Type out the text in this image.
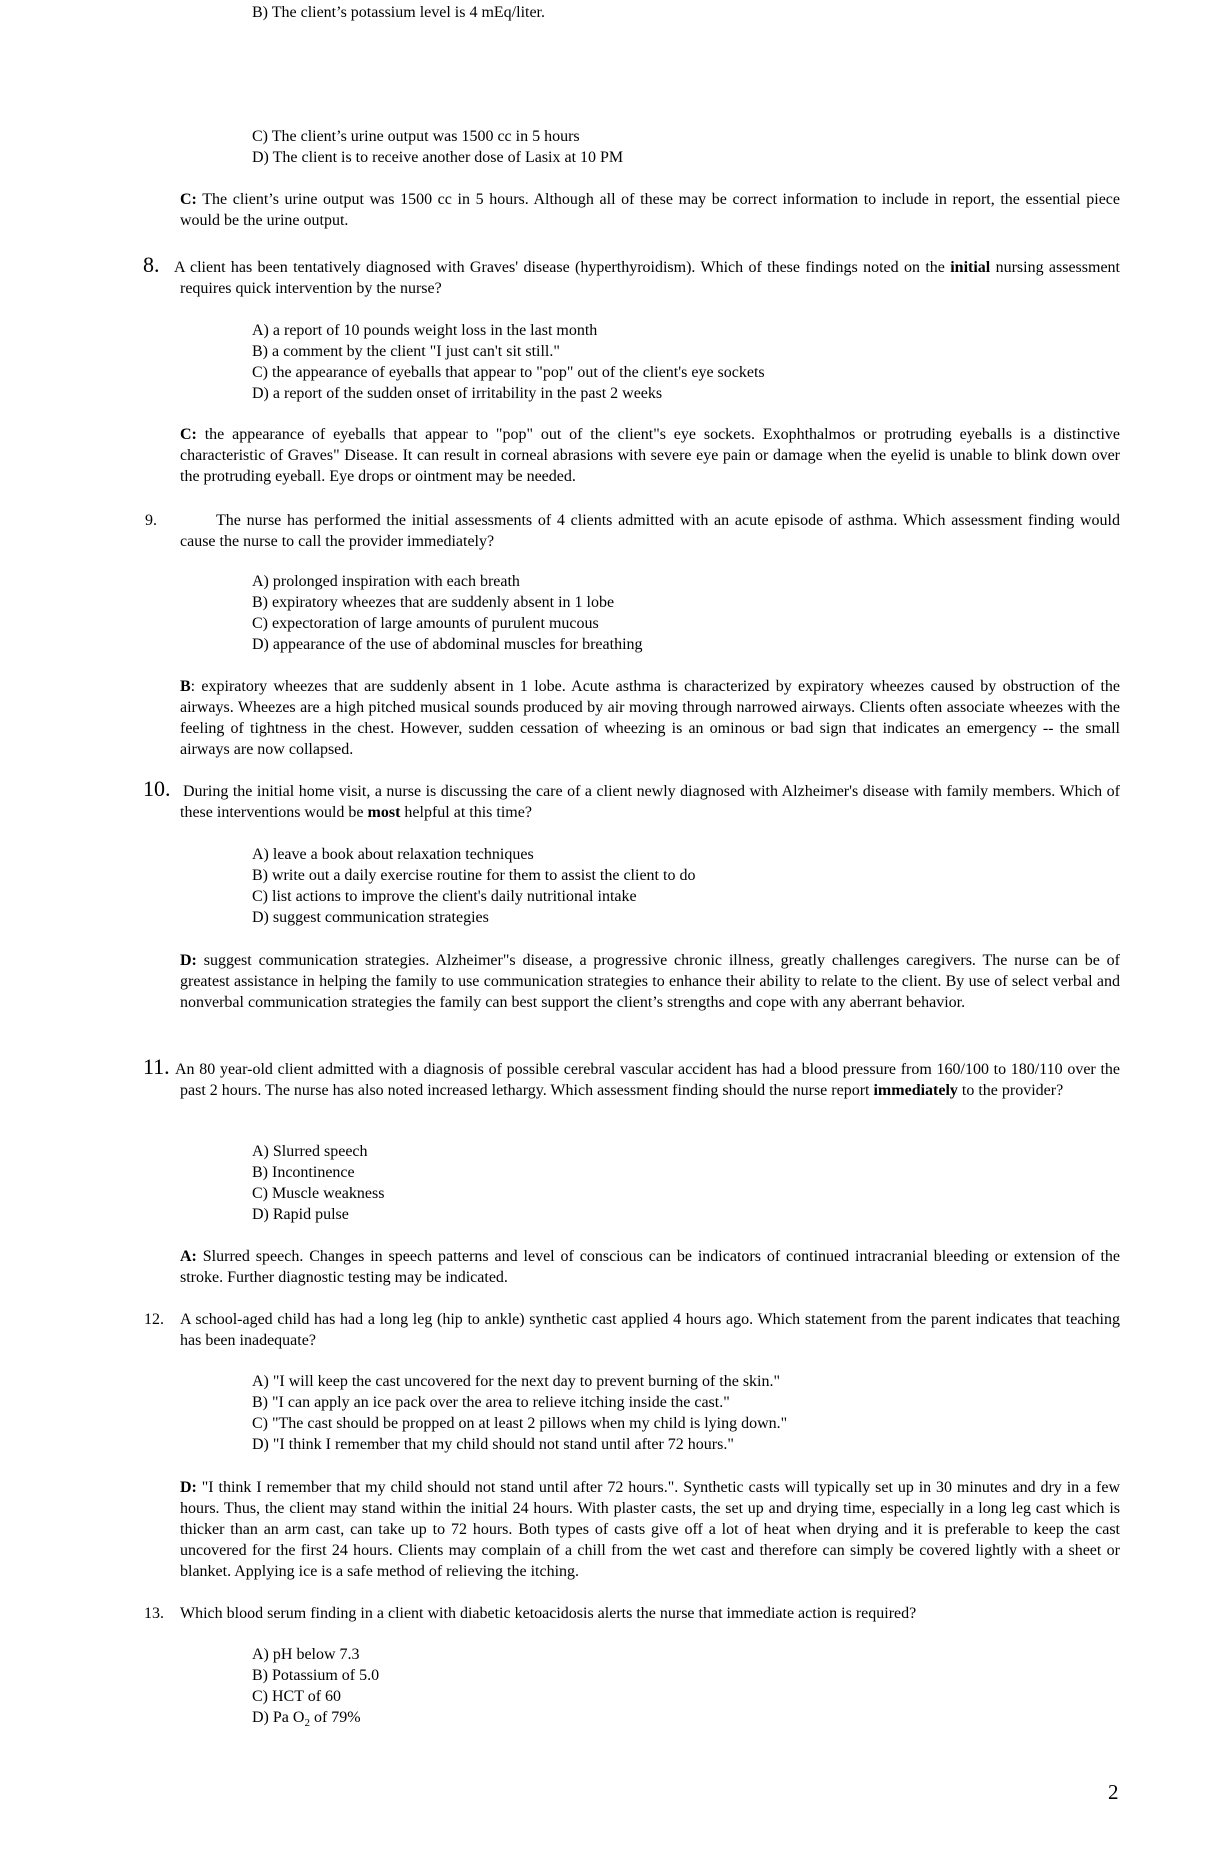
B) The client’s potassium level is 4 mEq/liter.
C) The client’s urine output was 1500 cc in 5 hours
D) The client is to receive another dose of Lasix at 10 PM
C: The client’s urine output was 1500 cc in 5 hours. Although all of these may be correct information to include in report, the essential piece would be the urine output.
8. A client has been tentatively diagnosed with Graves' disease (hyperthyroidism). Which of these findings noted on the initial nursing assessment requires quick intervention by the nurse?
A) a report of 10 pounds weight loss in the last month
B) a comment by the client "I just can't sit still."
C) the appearance of eyeballs that appear to "pop" out of the client's eye sockets
D) a report of the sudden onset of irritability in the past 2 weeks
C: the appearance of eyeballs that appear to "pop" out of the client"s eye sockets. Exophthalmos or protruding eyeballs is a distinctive characteristic of Graves" Disease. It can result in corneal abrasions with severe eye pain or damage when the eyelid is unable to blink down over the protruding eyeball. Eye drops or ointment may be needed.
9.	The nurse has performed the initial assessments of 4 clients admitted with an acute episode of asthma. Which assessment finding would cause the nurse to call the provider immediately?
A) prolonged inspiration with each breath
B) expiratory wheezes that are suddenly absent in 1 lobe
C) expectoration of large amounts of purulent mucous
D) appearance of the use of abdominal muscles for breathing
B: expiratory wheezes that are suddenly absent in 1 lobe. Acute asthma is characterized by expiratory wheezes caused by obstruction of the airways. Wheezes are a high pitched musical sounds produced by air moving through narrowed airways. Clients often associate wheezes with the feeling of tightness in the chest. However, sudden cessation of wheezing is an ominous or bad sign that indicates an emergency -- the small airways are now collapsed.
10. During the initial home visit, a nurse is discussing the care of a client newly diagnosed with Alzheimer's disease with family members. Which of these interventions would be most helpful at this time?
A) leave a book about relaxation techniques
B) write out a daily exercise routine for them to assist the client to do
C) list actions to improve the client's daily nutritional intake
D) suggest communication strategies
D: suggest communication strategies. Alzheimer"s disease, a progressive chronic illness, greatly challenges caregivers. The nurse can be of greatest assistance in helping the family to use communication strategies to enhance their ability to relate to the client. By use of select verbal and nonverbal communication strategies the family can best support the client’s strengths and cope with any aberrant behavior.
11. An 80 year-old client admitted with a diagnosis of possible cerebral vascular accident has had a blood pressure from 160/100 to 180/110 over the past 2 hours. The nurse has also noted increased lethargy. Which assessment finding should the nurse report immediately to the provider?
A) Slurred speech
B) Incontinence
C) Muscle weakness
D) Rapid pulse
A: Slurred speech. Changes in speech patterns and level of conscious can be indicators of continued intracranial bleeding or extension of the stroke. Further diagnostic testing may be indicated.
12. A school-aged child has had a long leg (hip to ankle) synthetic cast applied 4 hours ago. Which statement from the parent indicates that teaching has been inadequate?
A) "I will keep the cast uncovered for the next day to prevent burning of the skin."
B) "I can apply an ice pack over the area to relieve itching inside the cast."
C) "The cast should be propped on at least 2 pillows when my child is lying down."
D) "I think I remember that my child should not stand until after 72 hours."
D: "I think I remember that my child should not stand until after 72 hours.". Synthetic casts will typically set up in 30 minutes and dry in a few hours. Thus, the client may stand within the initial 24 hours. With plaster casts, the set up and drying time, especially in a long leg cast which is thicker than an arm cast, can take up to 72 hours. Both types of casts give off a lot of heat when drying and it is preferable to keep the cast uncovered for the first 24 hours. Clients may complain of a chill from the wet cast and therefore can simply be covered lightly with a sheet or blanket. Applying ice is a safe method of relieving the itching.
13. Which blood serum finding in a client with diabetic ketoacidosis alerts the nurse that immediate action is required?
A) pH below 7.3
B) Potassium of 5.0
C) HCT of 60
D) Pa $O_2$ of 79%
2
